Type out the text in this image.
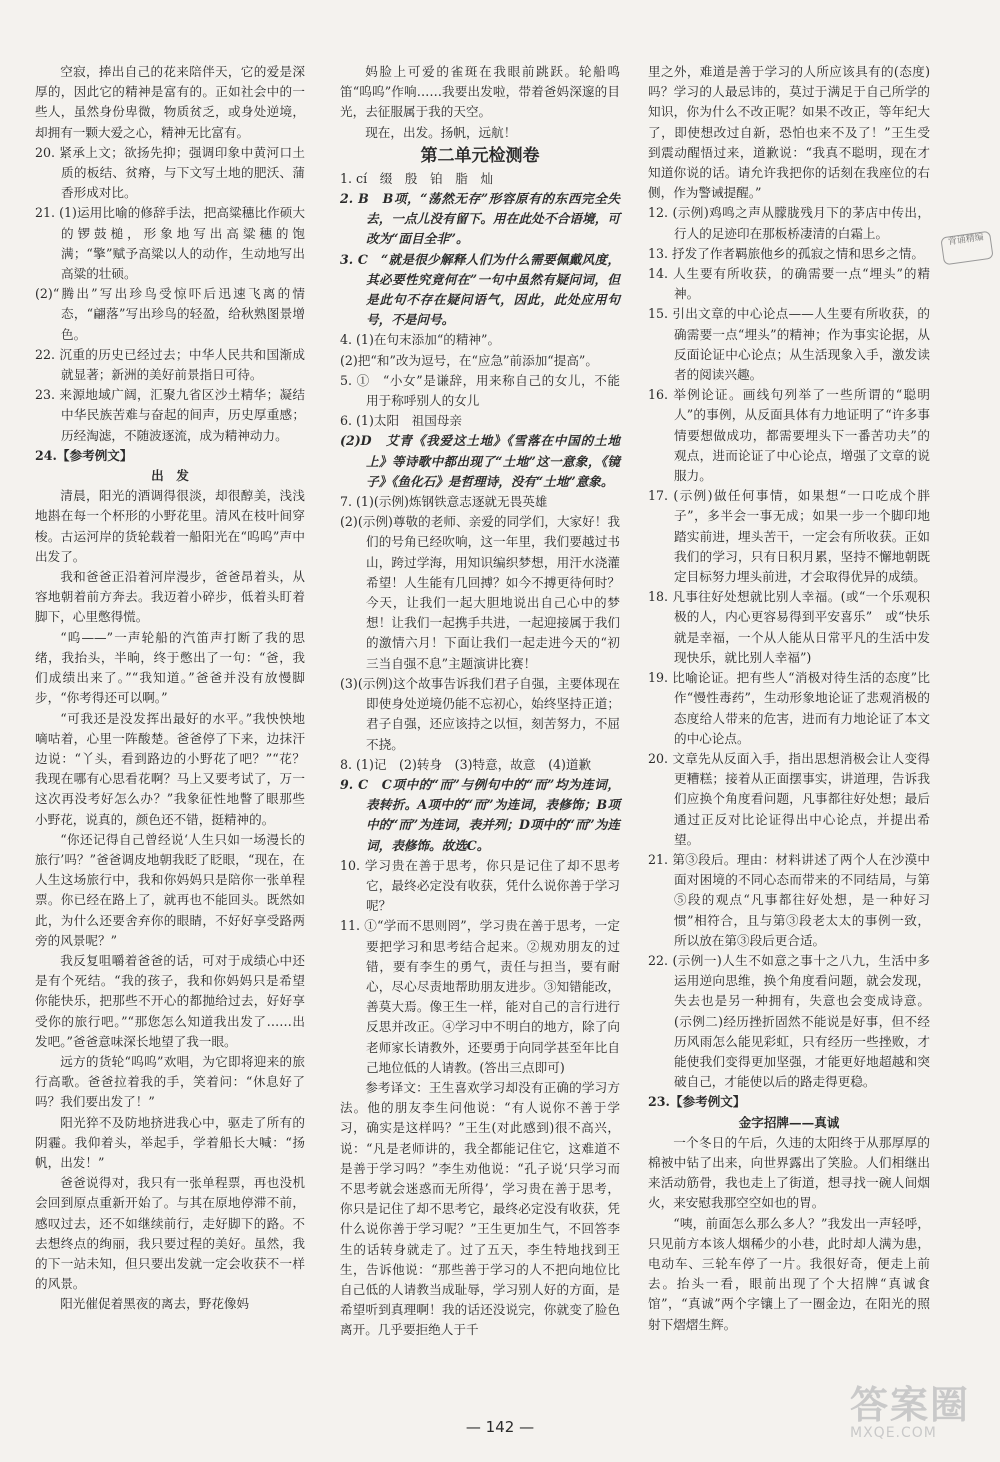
空寂，捧出自己的花来陪伴天，它的爱是深厚的，因此它的精神是富有的。正如社会中的一些人，虽然身份卑微，物质贫乏，或身处逆境，却拥有一颗大爱之心，精神无比富有。

20. 紧承上文；欲扬先抑；强调印象中黄河口土质的板结、贫瘠，与下文写土地的肥沃、蒲香形成对比。

21. (1)运用比喻的修辞手法，把高粱穗比作硕大的锣鼓槌，形象地写出高粱穗的饱满；“擎”赋予高粱以人的动作，生动地写出高粱的壮硕。

(2)“腾出”写出珍鸟受惊吓后迅速飞离的情态，“翩落”写出珍鸟的轻盈，给秋熟图景增色。

22. 沉重的历史已经过去；中华人民共和国渐成就显著；新洲的美好前景指日可待。

23. 来源地域广阔，汇聚九省区沙土精华；凝结中华民族苦难与奋起的间声，历史厚重感；历经淘滤，不随波逐流，成为精神动力。

24.【参考例文】

出　发

清晨，阳光的酒调得很淡，却很醇美，浅浅地斟在每一个杯形的小野花里。清风在枝叶间穿梭。古运河岸的货轮载着一船阳光在“呜呜”声中出发了。

我和爸爸正沿着河岸漫步，爸爸昂着头，从容地朝着前方奔去。我迈着小碎步，低着头盯着脚下，心里憋得慌。

“呜——”一声轮船的汽笛声打断了我的思绪，我抬头，半晌，终于憋出了一句：“爸，我们成绩出来了。”“我知道。”爸爸并没有放慢脚步，“你考得还可以啊。”

“可我还是没发挥出最好的水平。”我怏怏地嘀咕着，心里一阵酸楚。爸爸停了下来，边抹汗边说：“丫头，看到路边的小野花了吧？”“花？我现在哪有心思看花啊？马上又要考试了，万一这次再没考好怎么办？”我象征性地瞥了眼那些小野花，说真的，颜色还不错，挺精神的。

“你还记得自己曾经说‘人生只如一场漫长的旅行’吗？”爸爸调皮地朝我眨了眨眼，“现在，在人生这场旅行中，我和你妈妈只是陪你一张单程票。你已经在路上了，就再也不能回头。既然如此，为什么还要舍弃你的眼睛，不好好享受路两旁的风景呢？”

我反复咀嚼着爸爸的话，可对于成绩心中还是有个死结。“我的孩子，我和你妈妈只是希望你能快乐，把那些不开心的都抛给过去，好好享受你的旅行吧。”“那您怎么知道我出发了……出发吧。”爸爸意味深长地望了我一眼。

远方的货轮“呜呜”欢唱，为它即将迎来的旅行高歌。爸爸拉着我的手，笑着问：“休息好了吗？我们要出发了！”

阳光猝不及防地挤进我心中，驱走了所有的阴霾。我仰着头，举起手，学着船长大喊：“扬帆，出发！”

爸爸说得对，我只有一张单程票，再也没机会回到原点重新开始了。与其在原地停滞不前，感叹过去，还不如继续前行，走好脚下的路。不去想终点的绚丽，我只要过程的美好。虽然，我的下一站未知，但只要出发就一定会收获不一样的风景。

阳光催促着黑夜的离去，野花像妈

妈脸上可爱的雀斑在我眼前跳跃。轮船鸣笛“呜呜”作响……我要出发啦，带着爸妈深邃的目光，去征服属于我的天空。

现在，出发。扬帆，远航！

第二单元检测卷

1. cí　缀　殷　铂　脂　灿

2. B　B项，“荡然无存”形容原有的东西完全失去，一点儿没有留下。用在此处不合语境，可改为“面目全非”。

3. C　“就是很少解释人们为什么需要佩戴风度，其必要性究竟何在”一句中虽然有疑问词，但是此句不存在疑问语气，因此，此处应用句号，不是问号。

4. (1)在句末添加“的精神”。

(2)把“和”改为逗号，在“应急”前添加“提高”。

5. ①　“小女”是谦辞，用来称自己的女儿，不能用于称呼别人的女儿

6. (1)太阳　祖国母亲

(2)D　艾青《我爱这土地》《雪落在中国的土地上》等诗歌中都出现了“土地”这一意象，《镜子》《鱼化石》是哲理诗，没有“土地”意象。

7. (1)(示例)炼钢铁意志逐就无畏英雄

(2)(示例)尊敬的老师、亲爱的同学们，大家好！我们的号角已经吹响，这一年里，我们要越过书山，跨过学海，用知识编织梦想，用汗水浇灌希望！人生能有几回搏？如今不搏更待何时？今天，让我们一起大胆地说出自己心中的梦想！让我们一起携手共进，一起迎接属于我们的激情六月！下面让我们一起走进今天的“初三当自强不息”主题演讲比赛！

(3)(示例)这个故事告诉我们君子自强，主要体现在即使身处逆境仍能不忘初心，始终坚持正道；君子自强，还应该持之以恒，刻苦努力，不屈不挠。

8. (1)记　(2)转身　(3)特意，故意　(4)道歉

9. C　C项中的“而”与例句中的“而”均为连词，表转折。A项中的“而”为连词，表修饰；B项中的“而”为连词，表并列；D项中的“而”为连词，表修饰。故选C。

10. 学习贵在善于思考，你只是记住了却不思考它，最终必定没有收获，凭什么说你善于学习呢？

11. ①“学而不思则罔”，学习贵在善于思考，一定要把学习和思考结合起来。②规劝朋友的过错，要有李生的勇气，责任与担当，要有耐心，尽心尽责地帮助朋友进步。③知错能改，善莫大焉。像王生一样，能对自己的言行进行反思并改正。④学习中不明白的地方，除了向老师家长请教外，还要勇于向同学甚至年比自己地位低的人请教。(答出三点即可)

参考译文：王生喜欢学习却没有正确的学习方法。他的朋友李生问他说：“有人说你不善于学习，确实是这样吗？”王生(对此感到)很不高兴，说：“凡是老师讲的，我全都能记住它，这难道不是善于学习吗？”李生劝他说：“孔子说‘只学习而不思考就会迷惑而无所得’，学习贵在善于思考，你只是记住了却不思考它，最终必定没有收获，凭什么说你善于学习呢？”王生更加生气，不回答李生的话转身就走了。过了五天，李生特地找到王生，告诉他说：“那些善于学习的人不把向地位比自己低的人请教当成耻辱，学习别人好的方面，是希望听到真理啊！我的话还没说完，你就变了脸色离开。几乎要拒绝人于千

里之外，难道是善于学习的人所应该具有的(态度)吗？学习的人最忌讳的，莫过于满足于自己所学的知识，你为什么不改正呢？如果不改正，等年纪大了，即使想改过自新，恐怕也来不及了！”王生受到震动醒悟过来，道歉说：“我真不聪明，现在才知道你说的话。请允许我把你的话刻在我座位的右侧，作为警诫提醒。”

12. (示例)鸡鸣之声从朦胧残月下的茅店中传出，行人的足迹印在那板桥凄清的白霜上。

13. 抒发了作者羁旅他乡的孤寂之情和思乡之情。

14. 人生要有所收获，的确需要一点“埋头”的精神。

15. 引出文章的中心论点——人生要有所收获，的确需要一点“埋头”的精神；作为事实论据，从反面论证中心论点；从生活现象入手，激发读者的阅读兴趣。

16. 举例论证。画线句列举了一些所谓的“聪明人”的事例，从反面具体有力地证明了“许多事情要想做成功，都需要埋头下一番苦功夫”的观点，进而论证了中心论点，增强了文章的说服力。

17. (示例)做任何事情，如果想“一口吃成个胖子”，多半会一事无成；如果一步一个脚印地踏实前进，埋头苦干，一定会有所收获。正如我们的学习，只有日积月累，坚持不懈地朝既定目标努力埋头前进，才会取得优异的成绩。

18. 凡事往好处想就比别人幸福。(或“一个乐观积极的人，内心更容易得到平安喜乐”　或“快乐就是幸福，一个从人能从日常平凡的生活中发现快乐，就比别人幸福”)

19. 比喻论证。把有些人“消极对待生活的态度”比作“慢性毒药”，生动形象地论证了悲观消极的态度给人带来的危害，进而有力地论证了本文的中心论点。

20. 文章先从反面入手，指出思想消极会让人变得更糟糕；接着从正面摆事实，讲道理，告诉我们应换个角度看问题，凡事都往好处想；最后通过正反对比论证得出中心论点，并提出希望。

21. 第③段后。理由：材料讲述了两个人在沙漠中面对困境的不同心态而带来的不同结局，与第⑤段的观点“凡事都往好处想，是一种好习惯”相符合，且与第③段老太太的事例一致，所以放在第③段后更合适。

22. (示例一)人生不如意之事十之八九，生活中多运用逆向思维，换个角度看问题，就会发现，失去也是另一种拥有，失意也会变成诗意。(示例二)经历挫折固然不能说是好事，但不经历风雨怎么能见彩虹，只有经历一些挫败，才能使我们变得更加坚强，才能更好地超越和突破自己，才能使以后的路走得更稳。

23.【参考例文】

金字招牌——真诚

一个冬日的午后，久违的太阳终于从那厚厚的棉被中钻了出来，向世界露出了笑脸。人们相继出来活动筋骨，我也走上了街道，想寻找一碗人间烟火，来安慰我那空空如也的胃。

“咦，前面怎么那么多人？”我发出一声轻呼，只见前方本该人烟稀少的小巷，此时却人满为患，电动车、三轮车停了一片。我很好奇，便走上前去。抬头一看，眼前出现了个大招牌“真诚食馆”，“真诚”两个字镶上了一圈金边，在阳光的照射下熠熠生辉。

背诵精编
— 142 —	答案圈
MXQE.COM
